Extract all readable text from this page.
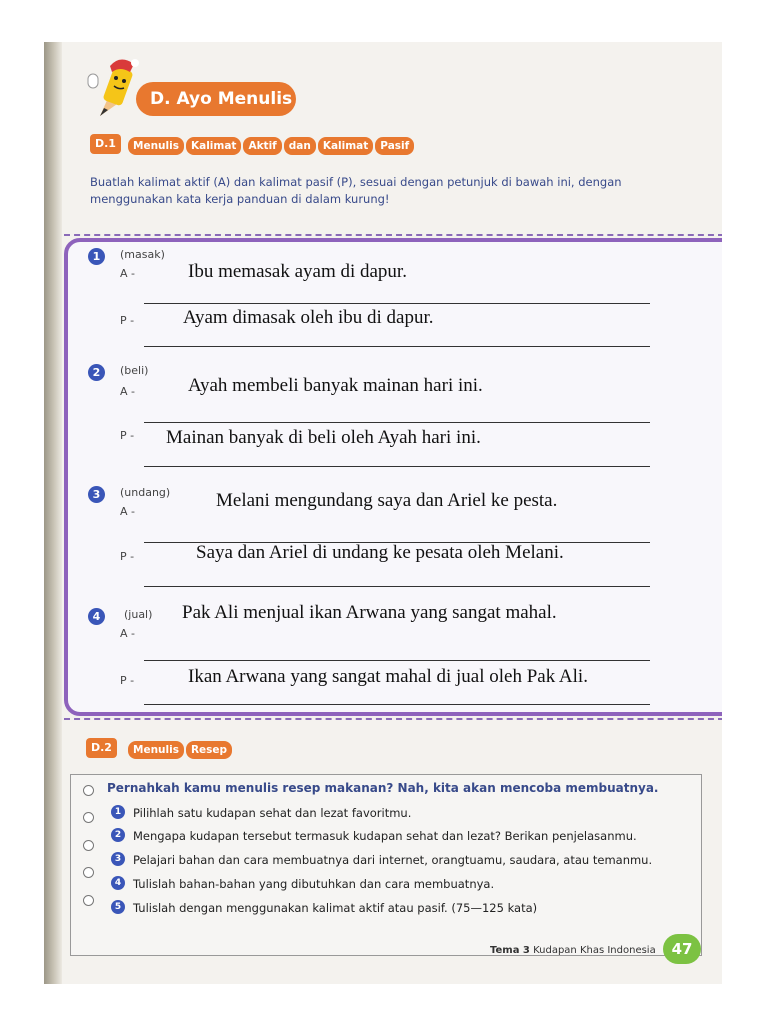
D. Ayo Menulis
D.1	Menulis	Kalimat	Aktif	dan	Kalimat	Pasif
Buatlah kalimat aktif (A) dan kalimat pasif (P), sesuai dengan petunjuk di bawah ini, dengan menggunakan kata kerja panduan di dalam kurung!
1	(masak)
A -	Ibu memasak ayam di dapur.
P -	Ayam dimasak oleh ibu di dapur.
2	(beli)
A -	Ayah membeli banyak mainan hari ini.
P - Mainan banyak di beli oleh Ayah hari ini.
3	(undang)
A -
Melani mengundang saya dan Ariel ke pesta.
P -	Saya dan Ariel di undang ke pesata oleh Melani.
4	(jual)
A -
Pak Ali menjual ikan Arwana yang sangat mahal.
P -	Ikan Arwana yang sangat mahal di jual oleh Pak Ali.
D.2	Menulis	Resep
Pernahkah kamu menulis resep makanan? Nah, kita akan mencoba membuatnya.
1	Pilihlah satu kudapan sehat dan lezat favoritmu.
2	Mengapa kudapan tersebut termasuk kudapan sehat dan lezat? Berikan penjelasanmu.
3	Pelajari bahan dan cara membuatnya dari internet, orangtuamu, saudara, atau temanmu.
4	Tulislah bahan-bahan yang dibutuhkan dan cara membuatnya.
5	Tulislah dengan menggunakan kalimat aktif atau pasif. (75—125 kata)
Tema 3 Kudapan Khas Indonesia	47
